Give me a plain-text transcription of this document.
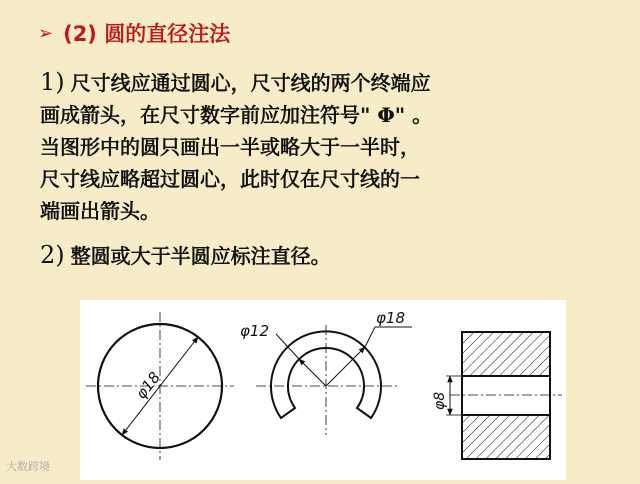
➢ (2) 圆的直径注法
1) 尺寸线应通过圆心，尺寸线的两个终端应
画成箭头，在尺寸数字前应加注符号" Φ" 。
当图形中的圆只画出一半或略大于一半时，
尺寸线应略超过圆心，此时仅在尺寸线的一
端画出箭头。
2) 整圆或大于半圆应标注直径。
φ18
φ12
φ18
φ8
大数跨境
